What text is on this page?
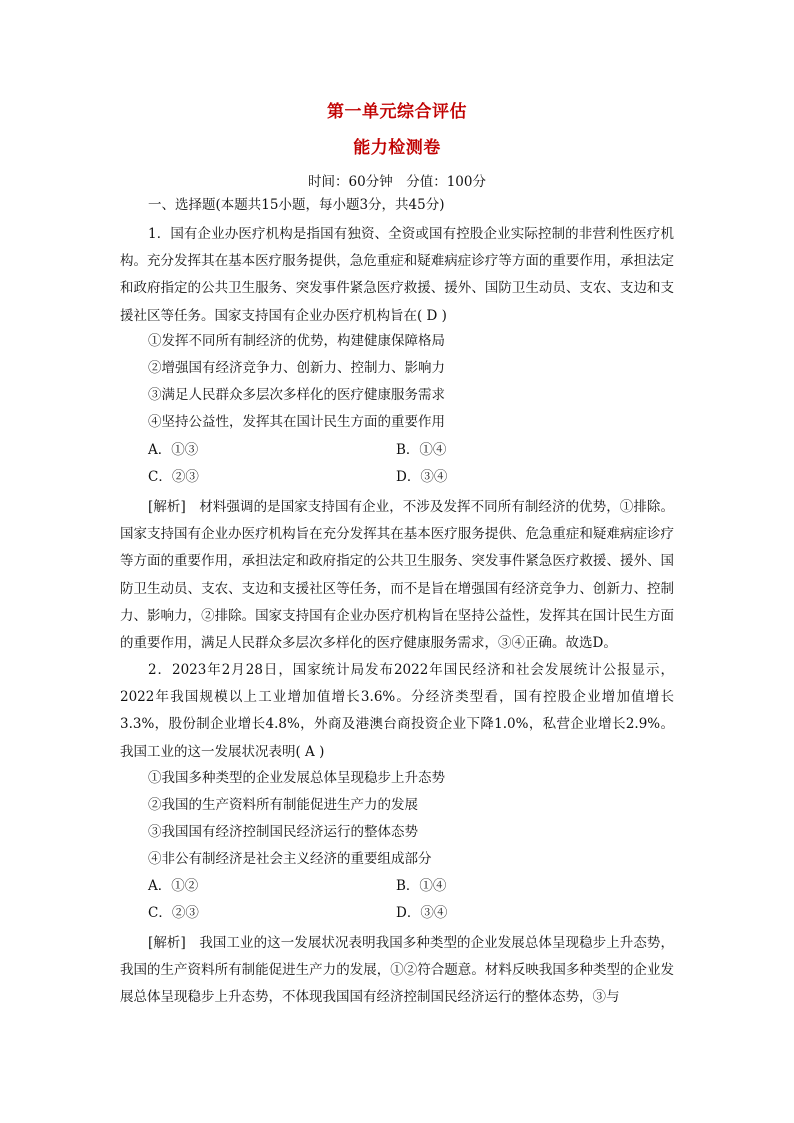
第一单元综合评估
能力检测卷
时间：60分钟　分值：100分
一、选择题(本题共15小题，每小题3分，共45分)
1．国有企业办医疗机构是指国有独资、全资或国有控股企业实际控制的非营利性医疗机构。充分发挥其在基本医疗服务提供，急危重症和疑难病症诊疗等方面的重要作用，承担法定和政府指定的公共卫生服务、突发事件紧急医疗救援、援外、国防卫生动员、支农、支边和支援社区等任务。国家支持国有企业办医疗机构旨在( D )
①发挥不同所有制经济的优势，构建健康保障格局
②增强国有经济竞争力、创新力、控制力、影响力
③满足人民群众多层次多样化的医疗健康服务需求
④坚持公益性，发挥其在国计民生方面的重要作用
A．①③	B．①④
C．②③	D．③④
[解析]　材料强调的是国家支持国有企业，不涉及发挥不同所有制经济的优势，①排除。国家支持国有企业办医疗机构旨在充分发挥其在基本医疗服务提供、危急重症和疑难病症诊疗等方面的重要作用，承担法定和政府指定的公共卫生服务、突发事件紧急医疗救援、援外、国防卫生动员、支农、支边和支援社区等任务，而不是旨在增强国有经济竞争力、创新力、控制力、影响力，②排除。国家支持国有企业办医疗机构旨在坚持公益性，发挥其在国计民生方面的重要作用，满足人民群众多层次多样化的医疗健康服务需求，③④正确。故选D。
2．2023年2月28日，国家统计局发布2022年国民经济和社会发展统计公报显示，2022年我国规模以上工业增加值增长3.6%。分经济类型看，国有控股企业增加值增长3.3%，股份制企业增长4.8%，外商及港澳台商投资企业下降1.0%，私营企业增长2.9%。我国工业的这一发展状况表明( A )
①我国多种类型的企业发展总体呈现稳步上升态势
②我国的生产资料所有制能促进生产力的发展
③我国国有经济控制国民经济运行的整体态势
④非公有制经济是社会主义经济的重要组成部分
A．①②	B．①④
C．②③	D．③④
[解析]　我国工业的这一发展状况表明我国多种类型的企业发展总体呈现稳步上升态势，我国的生产资料所有制能促进生产力的发展，①②符合题意。材料反映我国多种类型的企业发展总体呈现稳步上升态势，不体现我国国有经济控制国民经济运行的整体态势，③与
